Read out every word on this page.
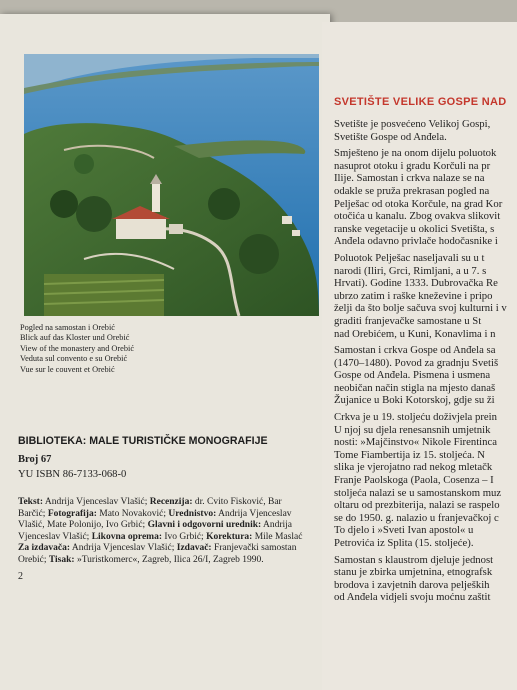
Pogled na samostan i Orebić
Blick auf das Kloster und Orebić
View of the monastery and Orebić
Veduta sul convento e su Orebić
Vue sur le couvent et Orebić
BIBLIOTEKA: MALE TURISTIČKE MONOGRAFIJE
Broj 67
YU ISBN 86-7133-068-0
Tekst: Andrija Vjenceslav Vlašić; Recenzija: dr. Cvito Fisković, Bar
Barčić; Fotografija: Mato Novaković; Urednistvo: Andrija Vjenceslav
Vlašić, Mate Polonijo, Ivo Grbić; Glavni i odgovorni urednik: Andrija
Vjenceslav Vlašić; Likovna oprema: Ivo Grbić; Korektura: Mile Maslać
Za izdavača: Andrija Vjenceslav Vlašić; Izdavač: Franjevački samostan
Orebić; Tisak: »Turistkomerc«, Zagreb, Ilica 26/I, Zagreb 1990.
2
SVETIŠTE VELIKE GOSPE NAD

Svetište je posvećeno Velikoj Gospi,
Svetište Gospe od Anđela.

Smješteno je na onom dijelu poluotok
nasuprot otoku i gradu Korčuli na pr
Ilije. Samostan i crkva nalaze se na
odakle se pruža prekrasan pogled na
Pelješac od otoka Korčule, na grad Kor
otočića u kanalu. Zbog ovakva slikovit
ranske vegetacije u okolici Svetišta, s
Anđela odavno privlače hodočasnike i

Poluotok Pelješac naseljavali su u t
narodi (Iliri, Grci, Rimljani, a u 7. s
Hrvati). Godine 1333. Dubrovačka Re
ubrzo zatim i raške kneževine i pripo
želji da što bolje sačuva svoj kulturni i v
graditi franjevačke samostane u St
nad Orebićem, u Kuni, Konavlima i n

Samostan i crkva Gospe od Anđela sa
(1470–1480). Povod za gradnju Svetiš
Gospe od Anđela. Pismena i usmena
neobičan način stigla na mjesto današ
Žujanice u Boki Kotorskoj, gdje su ži

Crkva je u 19. stoljeću doživjela prein
U njoj su djela renesansnih umjetnik
nosti: »Majčinstvo« Nikole Firentinca
Tome Fiambertija iz 15. stoljeća. N
slika je vjerojatno rad nekog mletačk
Franje Paolskoga (Paola, Cosenza – I
stoljeća nalazi se u samostanskom muz
oltaru od prezbiterija, nalazi se raspelo
se do 1950. g. nalazio u franjevačkoj c
To djelo i »Sveti Ivan apostol« u
Petrovića iz Splita (15. stoljeće).

Samostan s klaustrom djeluje jednost
stanu je zbirka umjetnina, etnografsk
brodova i zavjetnih darova peljeških
od Anđela vidjeli svoju moćnu zaštit
